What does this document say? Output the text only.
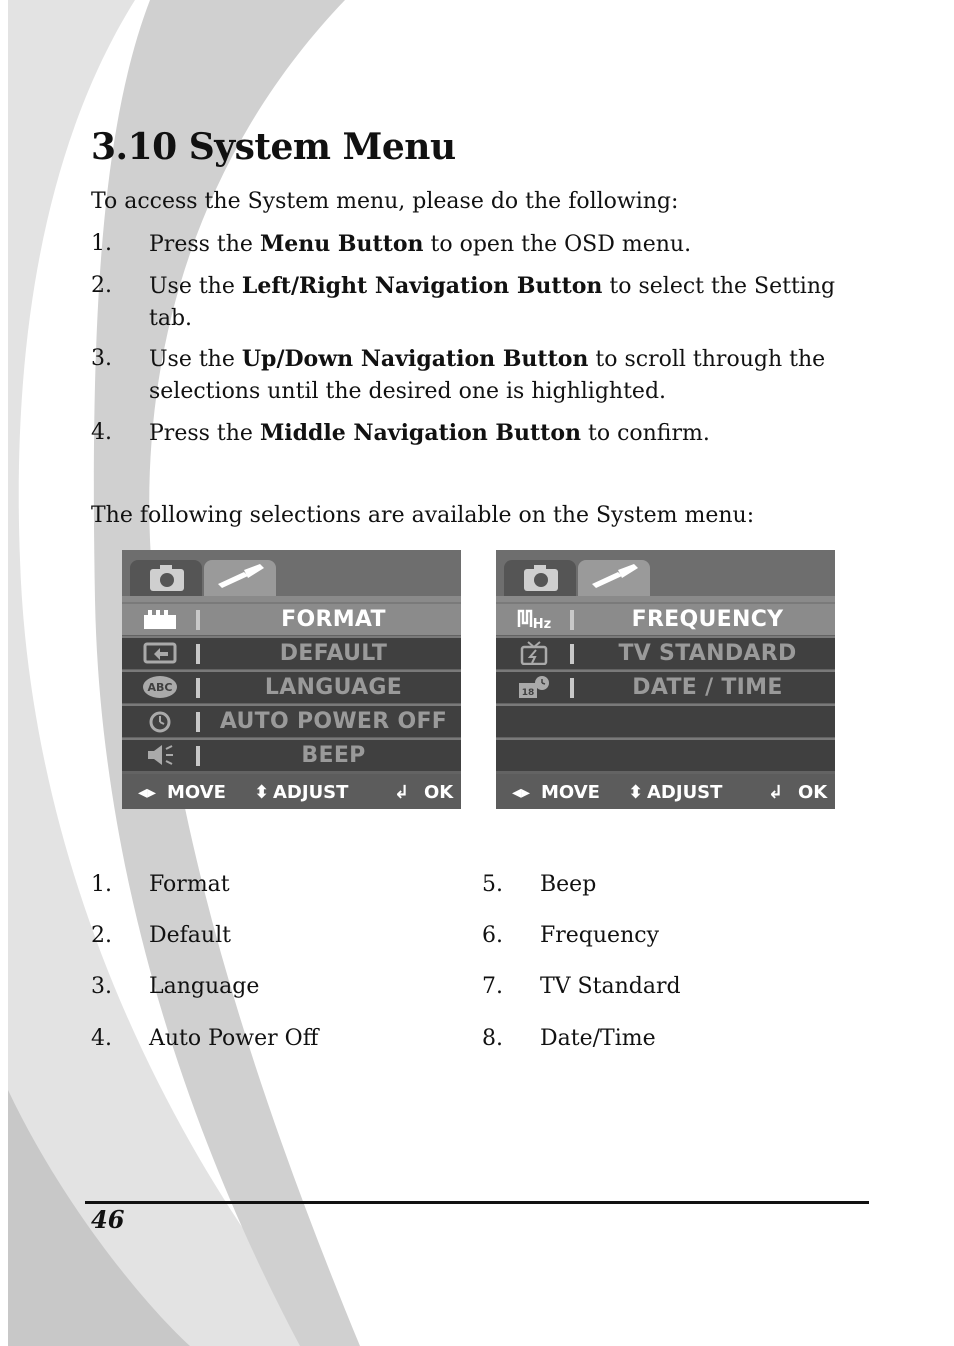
3.10 System Menu

To access the System menu, please do the following:

1. Press the Menu Button to open the OSD menu.
2. Use the Left/Right Navigation Button to select the Setting tab.
3. Use the Up/Down Navigation Button to scroll through the selections until the desired one is highlighted.
4. Press the Middle Navigation Button to confirm.

The following selections are available on the System menu:

FORMAT
DEFAULT
ABC	LANGUAGE
AUTO POWER OFF
BEEP
◂▸ MOVE ⬍ ADJUST	↲ OK
Hz	FREQUENCY
TV STANDARD
18	DATE / TIME
◂▸ MOVE ⬍ ADJUST	↲ OK
1. Format
2. Default
3. Language
4. Auto Power Off
5. Beep
6. Frequency
7. TV Standard
8. Date/Time
46
